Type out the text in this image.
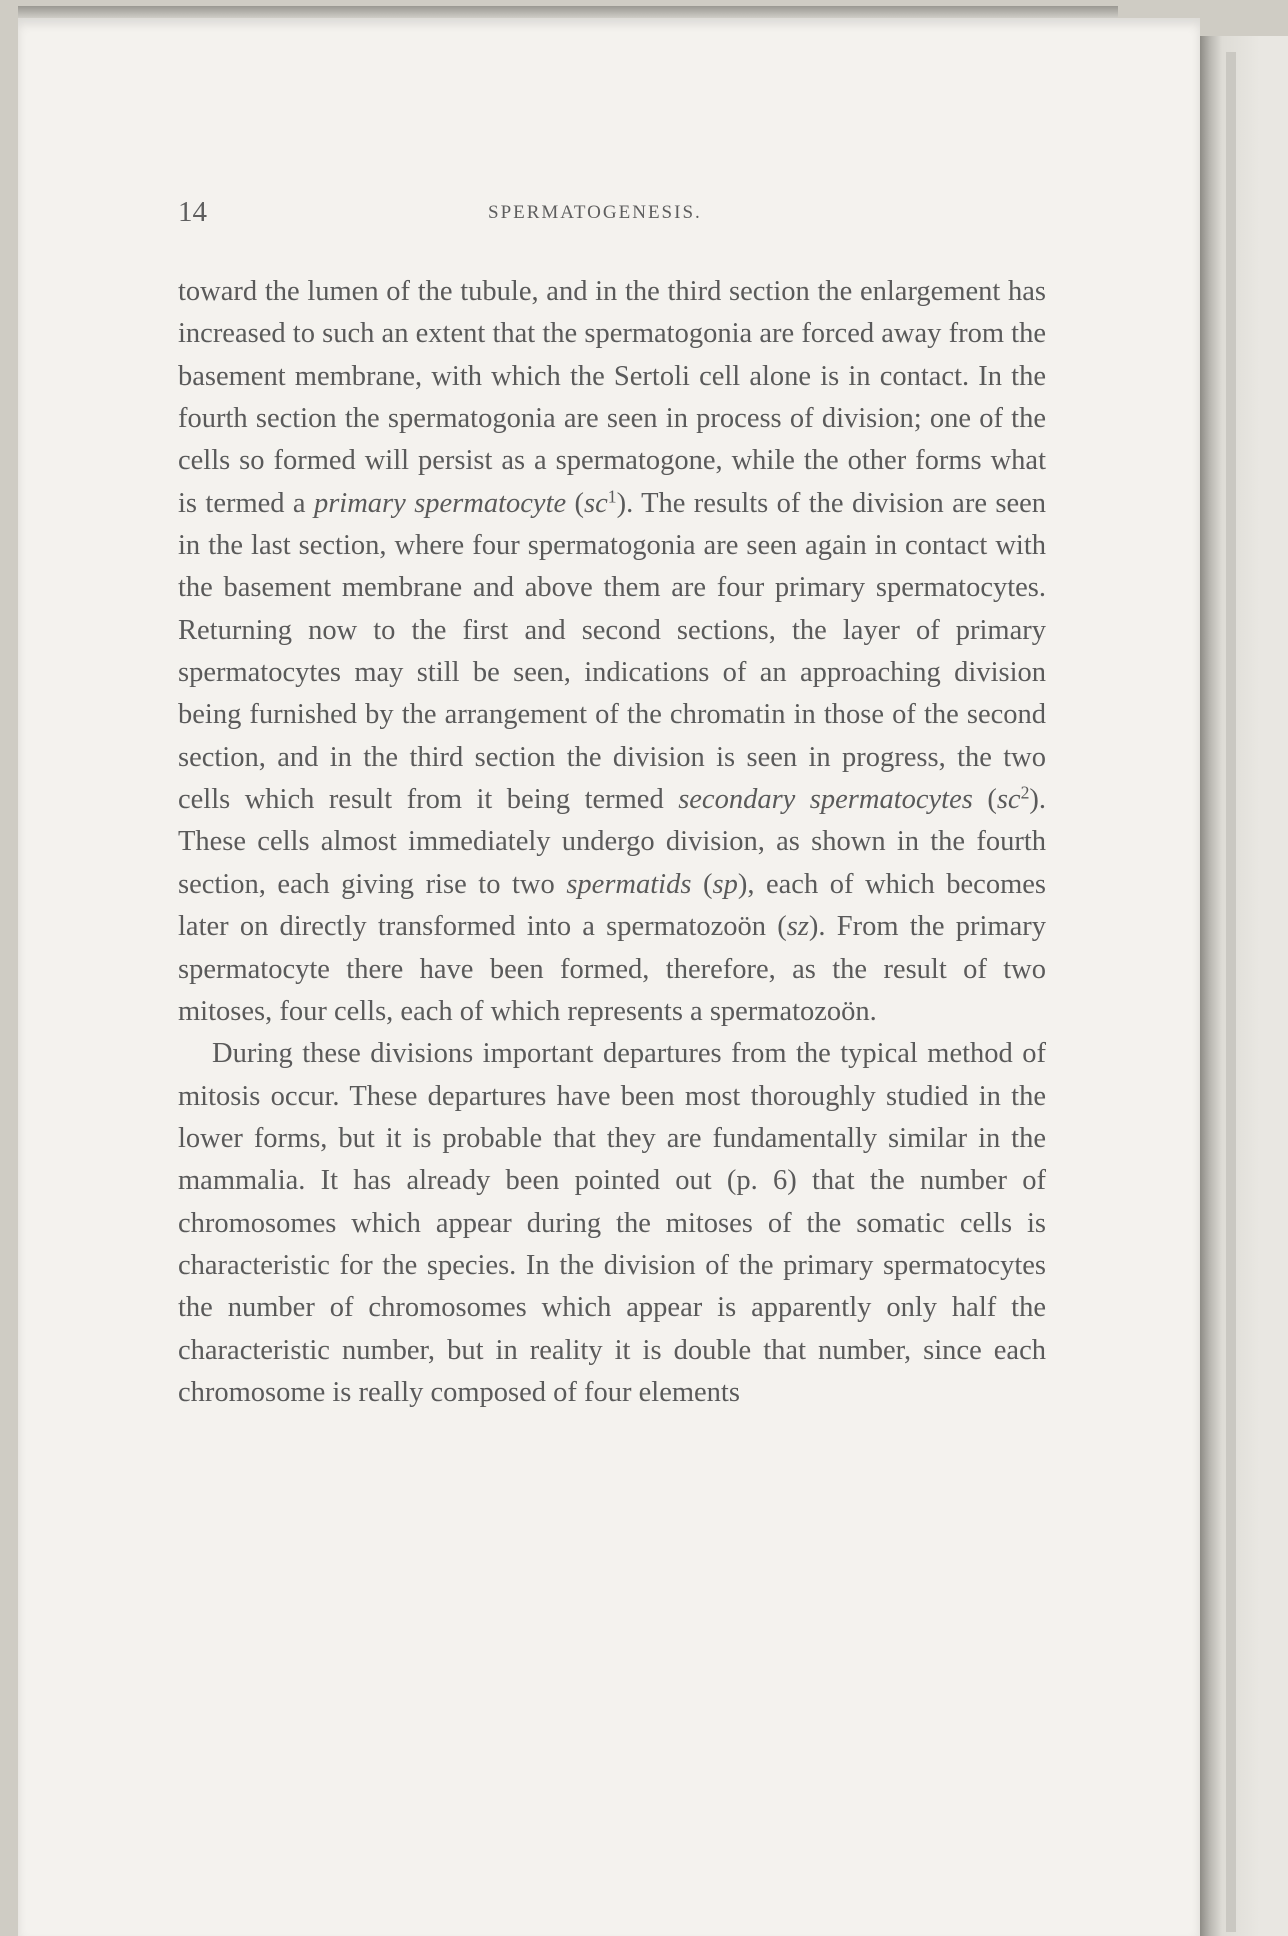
14	SPERMATOGENESIS.

toward the lumen of the tubule, and in the third section the enlargement has increased to such an extent that the spermatogonia are forced away from the basement membrane, with which the Sertoli cell alone is in contact. In the fourth section the spermatogonia are seen in process of division; one of the cells so formed will persist as a spermatogone, while the other forms what is termed a primary spermatocyte $(sc^1)$. The results of the division are seen in the last section, where four spermatogonia are seen again in contact with the basement membrane and above them are four primary spermatocytes. Returning now to the first and second sections, the layer of primary spermatocytes may still be seen, indications of an approaching division being furnished by the arrangement of the chromatin in those of the second section, and in the third section the division is seen in progress, the two cells which result from it being termed secondary spermatocytes $(sc^2)$. These cells almost immediately undergo division, as shown in the fourth section, each giving rise to two spermatids (sp), each of which becomes later on directly transformed into a spermatozoön (sz). From the primary spermatocyte there have been formed, therefore, as the result of two mitoses, four cells, each of which represents a spermatozoön.

During these divisions important departures from the typical method of mitosis occur. These departures have been most thoroughly studied in the lower forms, but it is probable that they are fundamentally similar in the mammalia. It has already been pointed out (p. 6) that the number of chromosomes which appear during the mitoses of the somatic cells is characteristic for the species. In the division of the primary spermatocytes the number of chromosomes which appear is apparently only half the characteristic number, but in reality it is double that number, since each chromosome is really composed of four elements
